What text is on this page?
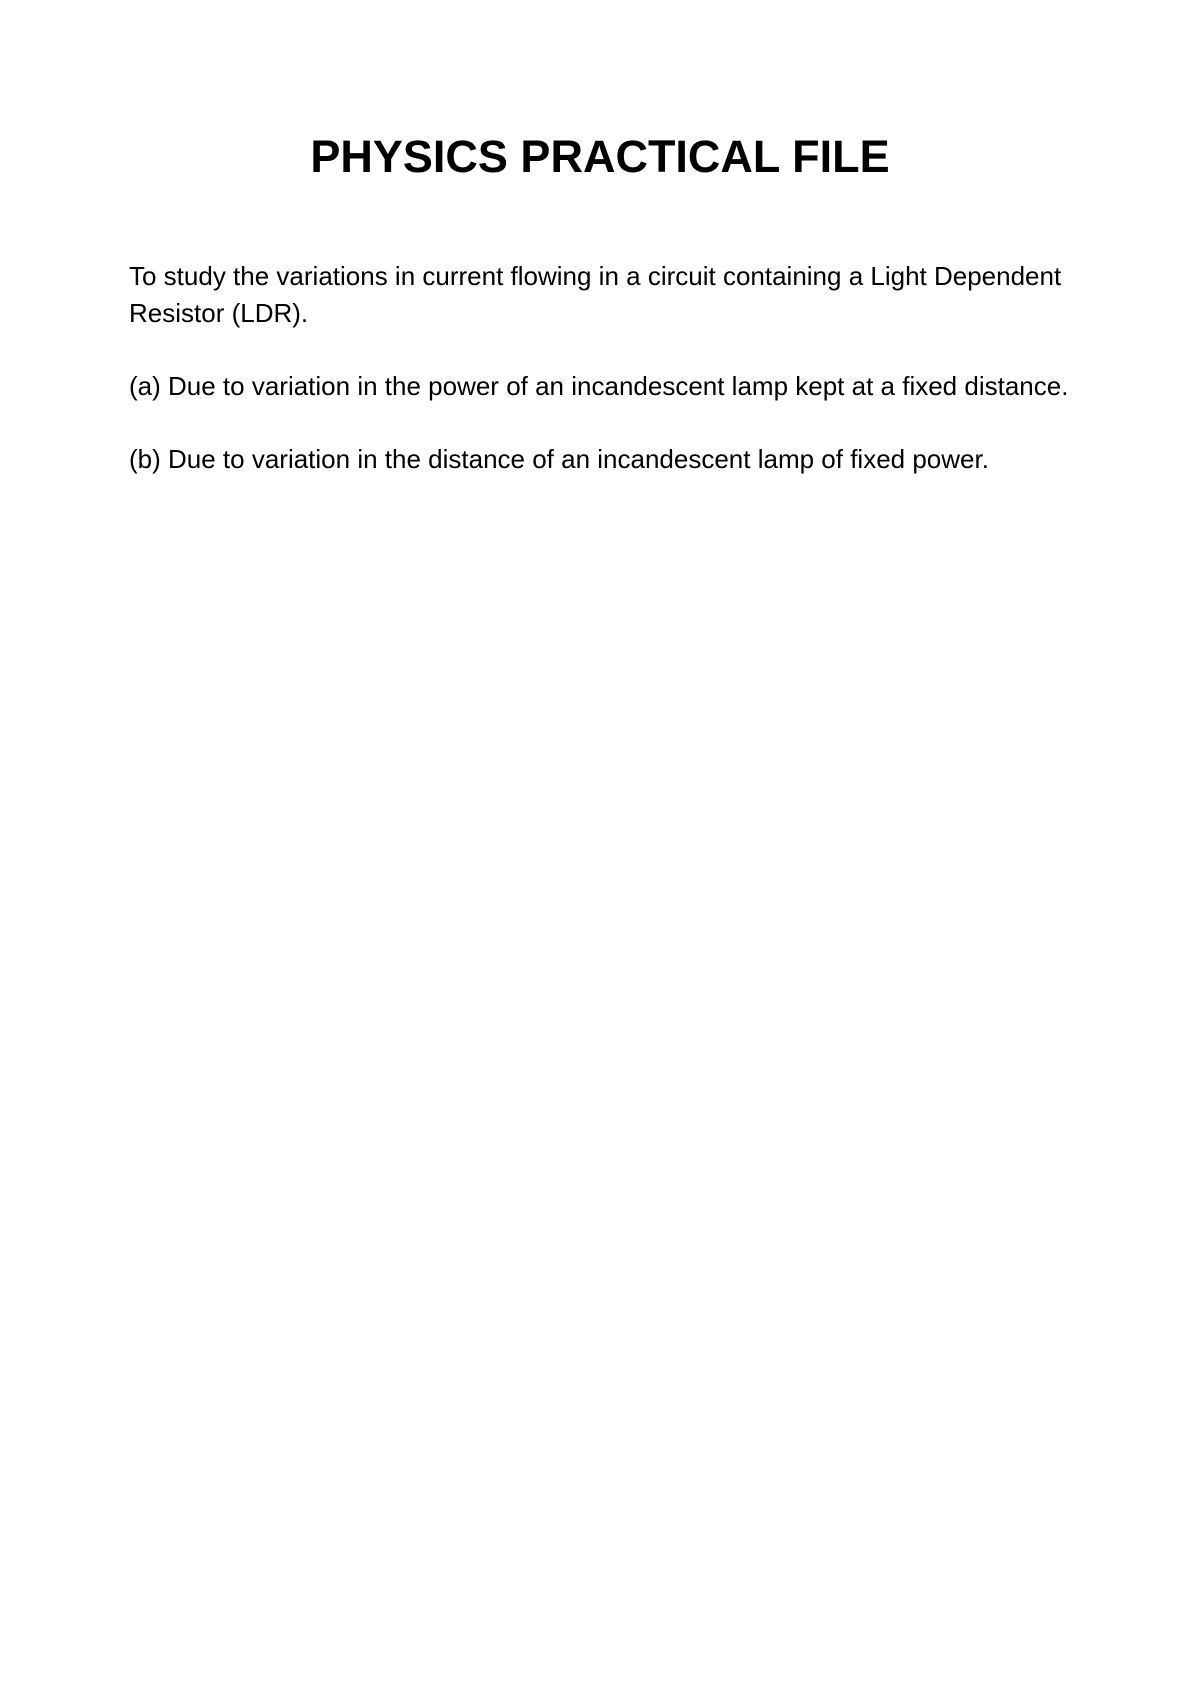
PHYSICS PRACTICAL FILE

To study the variations in current flowing in a circuit containing a Light Dependent Resistor (LDR).

(a) Due to variation in the power of an incandescent lamp kept at a fixed distance.

(b) Due to variation in the distance of an incandescent lamp of fixed power.
